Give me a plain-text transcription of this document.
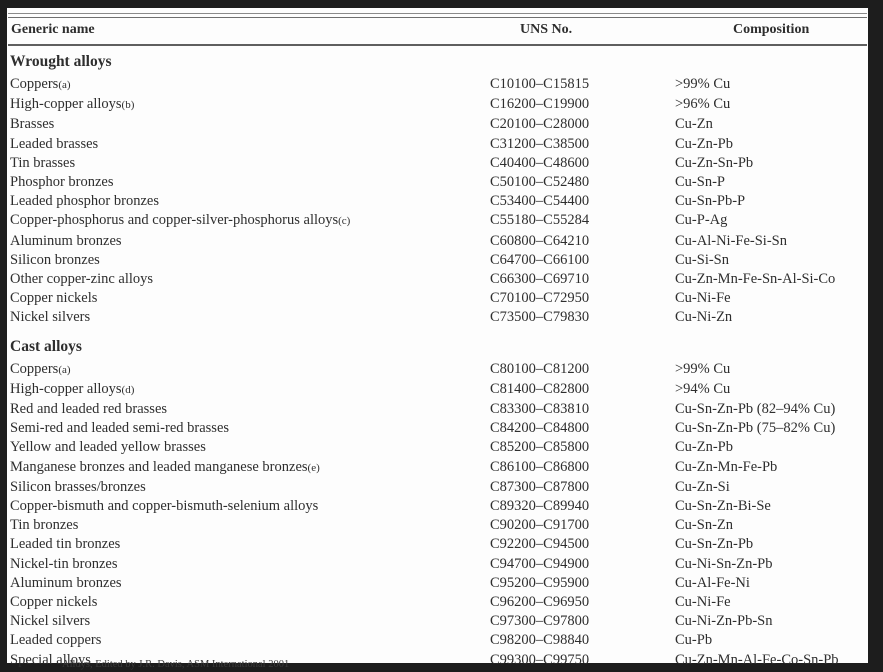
Generic name	UNS No.	Composition
Wrought alloys
Coppers(a)	C10100–C15815	>99% Cu
High-copper alloys(b)	C16200–C19900	>96% Cu
Brasses	C20100–C28000	Cu-Zn
Leaded brasses	C31200–C38500	Cu-Zn-Pb
Tin brasses	C40400–C48600	Cu-Zn-Sn-Pb
Phosphor bronzes	C50100–C52480	Cu-Sn-P
Leaded phosphor bronzes	C53400–C54400	Cu-Sn-Pb-P
Copper-phosphorus and copper-silver-phosphorus alloys(c)	C55180–C55284	Cu-P-Ag
Aluminum bronzes	C60800–C64210	Cu-Al-Ni-Fe-Si-Sn
Silicon bronzes	C64700–C66100	Cu-Si-Sn
Other copper-zinc alloys	C66300–C69710	Cu-Zn-Mn-Fe-Sn-Al-Si-Co
Copper nickels	C70100–C72950	Cu-Ni-Fe
Nickel silvers	C73500–C79830	Cu-Ni-Zn
Cast alloys
Coppers(a)	C80100–C81200	>99% Cu
High-copper alloys(d)	C81400–C82800	>94% Cu
Red and leaded red brasses	C83300–C83810	Cu-Sn-Zn-Pb (82–94% Cu)
Semi-red and leaded semi-red brasses	C84200–C84800	Cu-Sn-Zn-Pb (75–82% Cu)
Yellow and leaded yellow brasses	C85200–C85800	Cu-Zn-Pb
Manganese bronzes and leaded manganese bronzes(e)	C86100–C86800	Cu-Zn-Mn-Fe-Pb
Silicon brasses/bronzes	C87300–C87800	Cu-Zn-Si
Copper-bismuth and copper-bismuth-selenium alloys	C89320–C89940	Cu-Sn-Zn-Bi-Se
Tin bronzes	C90200–C91700	Cu-Sn-Zn
Leaded tin bronzes	C92200–C94500	Cu-Sn-Zn-Pb
Nickel-tin bronzes	C94700–C94900	Cu-Ni-Sn-Zn-Pb
Aluminum bronzes	C95200–C95900	Cu-Al-Fe-Ni
Copper nickels	C96200–C96950	Cu-Ni-Fe
Nickel silvers	C97300–C97800	Cu-Ni-Zn-Pb-Sn
Leaded coppers	C98200–C98840	Cu-Pb
Special alloys	C99300–C99750	Cu-Zn-Mn-Al-Fe-Co-Sn-Pb
Alloys, Edited by J.R. Davis, ASM International 2001
